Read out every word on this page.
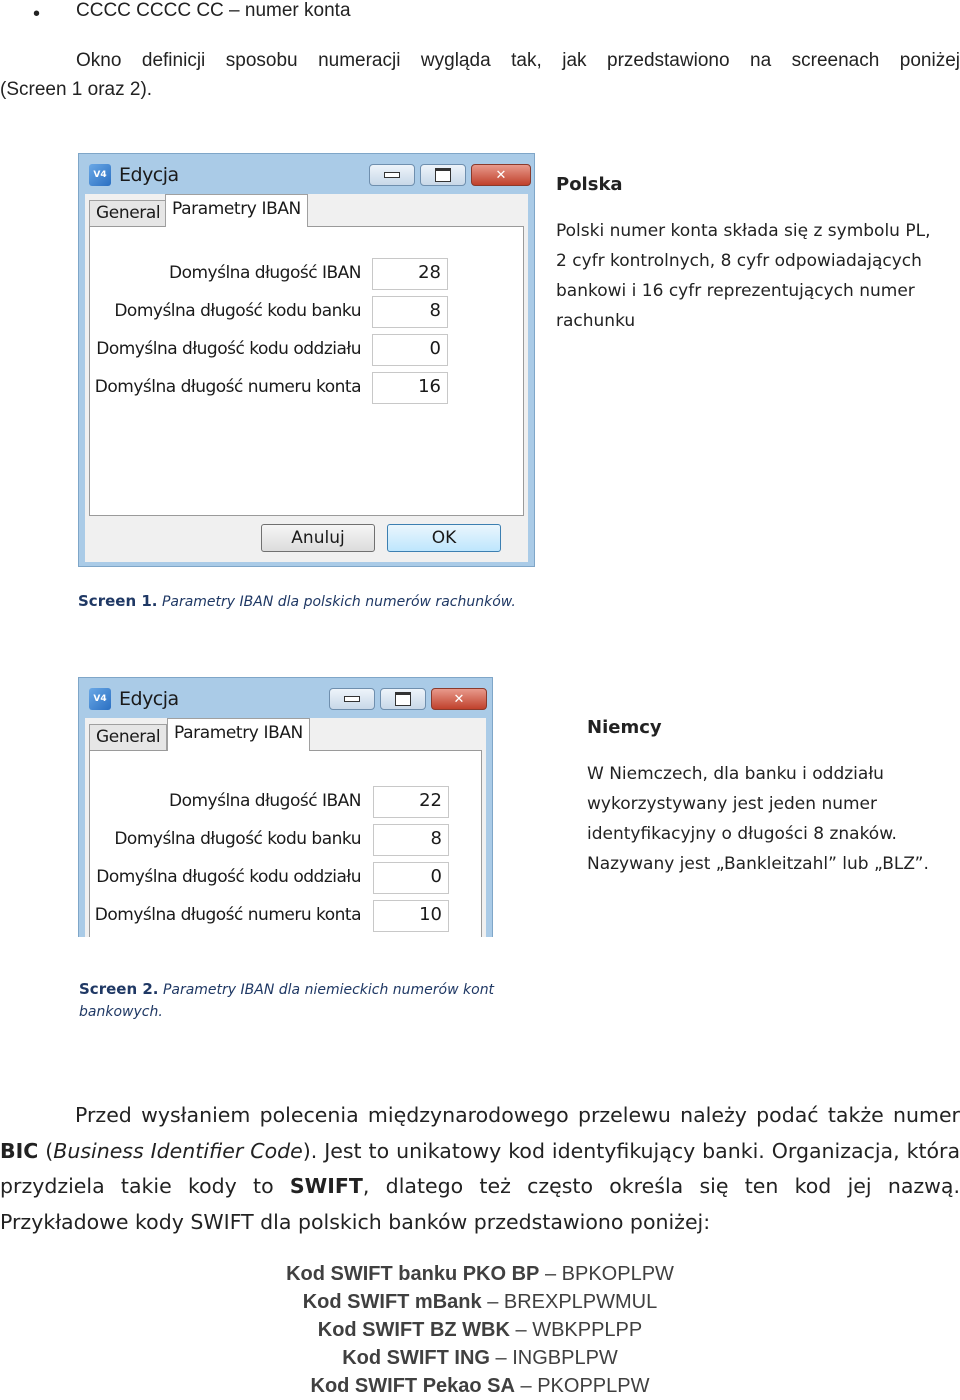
• CCCC CCCC CC – numer konta
Okno definicji sposobu numeracji wygląda tak, jak przedstawiono na screenach poniżej
(Screen 1 oraz 2).
V4 Edycja	✕
General Parametry IBAN
Domyślna długość IBAN	28
Domyślna długość kodu banku	8
Domyślna długość kodu oddziału	0
Domyślna długość numeru konta	16
Anuluj	OK
Polska
Polski numer konta składa się z symbolu PL, 2 cyfr kontrolnych, 8 cyfr odpowiadających bankowi i 16 cyfr reprezentujących numer rachunku
Screen 1. Parametry IBAN dla polskich numerów rachunków.
V4 Edycja	✕
General Parametry IBAN
Domyślna długość IBAN	22
Domyślna długość kodu banku	8
Domyślna długość kodu oddziału	0
Domyślna długość numeru konta	10
Niemcy
W Niemczech, dla banku i oddziału wykorzystywany jest jeden numer identyfikacyjny o długości 8 znaków. Nazywany jest „Bankleitzahl” lub „BLZ”.
Screen 2. Parametry IBAN dla niemieckich numerów kont bankowych.
Przed wysłaniem polecenia międzynarodowego przelewu należy podać także numer BIC (Business Identifier Code). Jest to unikatowy kod identyfikujący banki. Organizacja, która przydziela takie kody to SWIFT, dlatego też często określa się ten kod jej nazwą. Przykładowe kody SWIFT dla polskich banków przedstawiono poniżej:
Kod SWIFT banku PKO BP – BPKOPLPW
Kod SWIFT mBank – BREXPLPWMUL
Kod SWIFT BZ WBK – WBKPPLPP
Kod SWIFT ING – INGBPLPW
Kod SWIFT Pekao SA – PKOPPLPW
